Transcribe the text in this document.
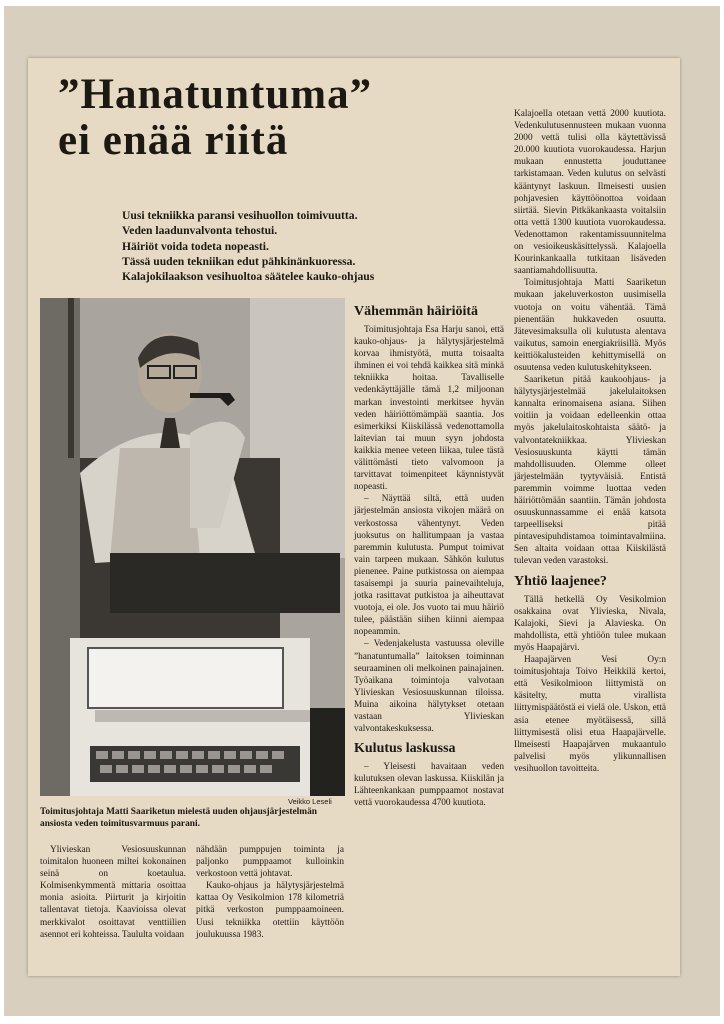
”Hanatuntuma”
ei enää riitä
Uusi tekniikka paransi vesihuollon toimivuutta.
Veden laadunvalvonta tehostui.
Häiriöt voida todeta nopeasti.
Tässä uuden tekniikan edut pähkinänkuoressa.
Kalajokilaakson vesihuoltoa säätelee kauko-ohjaus
Veikko Leseli
Toimitusjohtaja Matti Saariketun mielestä uuden ohjausjärjestelmän ansiosta veden toimitusvarmuus parani.

Ylivieskan Vesiosuuskunnan toimitalon huoneen miltei kokonainen seinä on koetaulua. Kolmisenkymmentä mittaria osoittaa monia asioita. Piirturit ja kirjoitin tallentavat tietoja. Kaavioissa olevat merkkivalot osoittavat venttiilien asennot eri kohteissa. Taululta voidaan

nähdään pumppujen toiminta ja paljonko pumppaamot kulloinkin verkostoon vettä johtavat.

Kauko-ohjaus ja hälytysjärjestelmä kattaa Oy Vesikolmion 178 kilometriä pitkä verkoston pumppaamoineen. Uusi tekniikka otettiin käyttöön joulukuussa 1983.

Vähemmän häiriöitä

Toimitusjohtaja Esa Harju sanoi, että kauko-ohjaus- ja hälytysjärjestelmä korvaa ihmistyötä, mutta toisaalta ihminen ei voi tehdä kaikkea sitä minkä tekniikka hoitaa. Tavalliselle vedenkäyttäjälle tämä 1,2 miljoonan markan investointi merkitsee hyvän veden häiriöttömämpää saantia. Jos esimerkiksi Kiiskilässä vedenottamolla laitevian tai muun syyn johdosta kaikkia menee veteen liikaa, tulee tästä välittömästi tieto valvomoon ja tarvittavat toimenpiteet käynnistyvät nopeasti.

– Näyttää siltä, että uuden järjestelmän ansiosta vikojen määrä on verkostossa vähentynyt. Veden juoksutus on hallitumpaan ja vastaa paremmin kulutusta. Pumput toimivat vain tarpeen mukaan. Sähkön kulutus pienenee. Paine putkistossa on aiempaa tasaisempi ja suuria painevaihteluja, jotka rasittavat putkistoa ja aiheuttavat vuotoja, ei ole. Jos vuoto tai muu häiriö tulee, päästään siihen kiinni aiempaa nopeammin.

– Vedenjakelusta vastuussa oleville ”hanatuntumalla” laitoksen toiminnan seuraaminen oli melkoinen painajainen. Työaikana toimintoja valvotaan Ylivieskan Vesiosuuskunnan tiloissa. Muina aikoina hälytykset otetaan vastaan Ylivieskan valvontakeskuksessa.

Kulutus laskussa

– Yleisesti havaitaan veden kulutuksen olevan laskussa. Kiiskilän ja Lähteenkankaan pumppaamot nostavat vettä vuorokaudessa 4700 kuutiota.

Kalajoella otetaan vettä 2000 kuutiota. Vedenkulutusennusteen mukaan vuonna 2000 vettä tulisi olla käytettävissä 20.000 kuutiota vuorokaudessa. Harjun mukaan ennustetta jouduttanee tarkistamaan. Veden kulutus on selvästi kääntynyt laskuun. Ilmeisesti uusien pohjavesien käyttöönottoa voidaan siirtää. Sievin Pitkäkankaasta voitalsiin otta vettä 1300 kuutiota vuorokaudessa. Vedenottamon rakentamissuunnitelma on vesioikeuskäsittelyssä. Kalajoella Kourinkankaalla tutkitaan lisäveden saantiamahdollisuutta.

Toimitusjohtaja Matti Saariketun mukaan jakeluverkoston uusimisella vuotoja on voitu vähentää. Tämä pienentään hukkaveden osuutta. Jätevesimaksulla oli kulutusta alentava vaikutus, samoin energiakriisillä. Myös keittiökalusteiden kehittymisellä on osuutensa veden kulutuskehitykseen.

Saariketun pitää kaukoohjaus- ja hälytysjärjestelmää jakelulaitoksen kannalta erinomaisena asiana. Siihen voitiin ja voidaan edelleenkin ottaa myös jakelulaitoskohtaista säätö- ja valvontatekniikkaa. Ylivieskan Vesiosuuskunta käytti tämän mahdollisuuden. Olemme olleet järjestelmään tyytyväisiä. Entistä paremmin voimme luottaa veden häiriöttömään saantiin. Tämän johdosta osuuskunnassamme ei enää katsota tarpeelliseksi pitää pintavesipuhdistamoa toimintavalmiina. Sen altaita voidaan ottaa Kiiskilästä tulevan veden varastoksi.

Yhtiö laajenee?

Tällä hetkellä Oy Vesikolmion osakkaina ovat Ylivieska, Nivala, Kalajoki, Sievi ja Alavieska. On mahdollista, että yhtiöön tulee mukaan myös Haapajärvi.

Haapajärven Vesi Oy:n toimitusjohtaja Toivo Heikkilä kertoi, että Vesikolmioon liittymistä on käsitelty, mutta virallista liittymispäätöstä ei vielä ole. Uskon, että asia etenee myötäisessä, sillä liittymisestä olisi etua Haapajärvelle. Ilmeisesti Haapajärven mukaantulo palvelisi myös ylikunnallisen vesihuollon tavoitteita.
